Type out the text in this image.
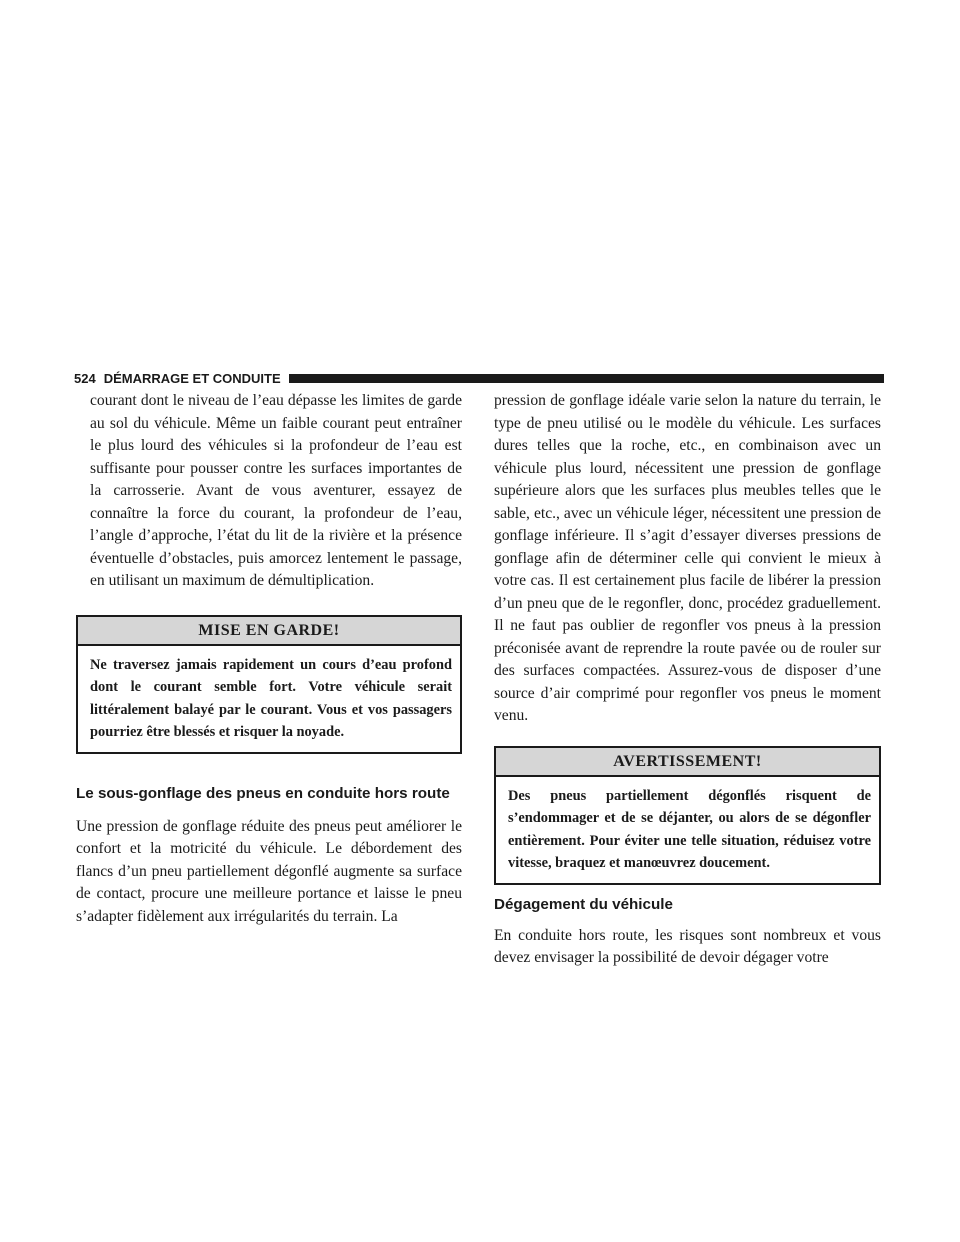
524 DÉMARRAGE ET CONDUITE

courant dont le niveau de l’eau dépasse les limites de garde au sol du véhicule. Même un faible courant peut entraîner le plus lourd des véhicules si la profondeur de l’eau est suffisante pour pousser contre les surfaces importantes de la carrosserie. Avant de vous aventurer, essayez de connaître la force du courant, la profondeur de l’eau, l’angle d’approche, l’état du lit de la rivière et la présence éventuelle d’obstacles, puis amorcez lentement le passage, en utilisant un maximum de démultiplication.

MISE EN GARDE!
Ne traversez jamais rapidement un cours d’eau profond dont le courant semble fort. Votre véhicule serait littéralement balayé par le courant. Vous et vos passagers pourriez être blessés et risquer la noyade.
Le sous-gonflage des pneus en conduite hors route

Une pression de gonflage réduite des pneus peut améliorer le confort et la motricité du véhicule. Le débordement des flancs d’un pneu partiellement dégonflé augmente sa surface de contact, procure une meilleure portance et laisse le pneu s’adapter fidèlement aux irrégularités du terrain. La

pression de gonflage idéale varie selon la nature du terrain, le type de pneu utilisé ou le modèle du véhicule. Les surfaces dures telles que la roche, etc., en combinaison avec un véhicule plus lourd, nécessitent une pression de gonflage supérieure alors que les surfaces plus meubles telles que le sable, etc., avec un véhicule léger, nécessitent une pression de gonflage inférieure. Il s’agit d’essayer diverses pressions de gonflage afin de déterminer celle qui convient le mieux à votre cas. Il est certainement plus facile de libérer la pression d’un pneu que de le regonfler, donc, procédez graduellement. Il ne faut pas oublier de regonfler vos pneus à la pression préconisée avant de reprendre la route pavée ou de rouler sur des surfaces compactées. Assurez-vous de disposer d’une source d’air comprimé pour regonfler vos pneus le moment venu.

AVERTISSEMENT!
Des pneus partiellement dégonflés risquent de s’endommager et de se déjanter, ou alors de se dégonfler entièrement. Pour éviter une telle situation, réduisez votre vitesse, braquez et manœuvrez doucement.
Dégagement du véhicule

En conduite hors route, les risques sont nombreux et vous devez envisager la possibilité de devoir dégager votre
